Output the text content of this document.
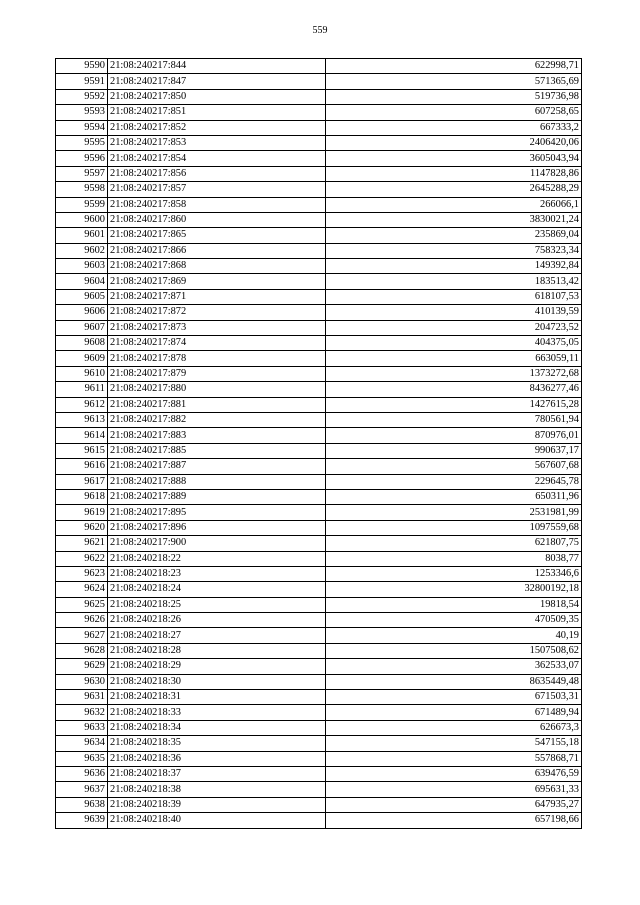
559
9590	21:08:240217:844	622998,71
9591	21:08:240217:847	571365,69
9592	21:08:240217:850	519736,98
9593	21:08:240217:851	607258,65
9594	21:08:240217:852	667333,2
9595	21:08:240217:853	2406420,06
9596	21:08:240217:854	3605043,94
9597	21:08:240217:856	1147828,86
9598	21:08:240217:857	2645288,29
9599	21:08:240217:858	266066,1
9600	21:08:240217:860	3830021,24
9601	21:08:240217:865	235869,04
9602	21:08:240217:866	758323,34
9603	21:08:240217:868	149392,84
9604	21:08:240217:869	183513,42
9605	21:08:240217:871	618107,53
9606	21:08:240217:872	410139,59
9607	21:08:240217:873	204723,52
9608	21:08:240217:874	404375,05
9609	21:08:240217:878	663059,11
9610	21:08:240217:879	1373272,68
9611	21:08:240217:880	8436277,46
9612	21:08:240217:881	1427615,28
9613	21:08:240217:882	780561,94
9614	21:08:240217:883	870976,01
9615	21:08:240217:885	990637,17
9616	21:08:240217:887	567607,68
9617	21:08:240217:888	229645,78
9618	21:08:240217:889	650311,96
9619	21:08:240217:895	2531981,99
9620	21:08:240217:896	1097559,68
9621	21:08:240217:900	621807,75
9622	21:08:240218:22	8038,77
9623	21:08:240218:23	1253346,6
9624	21:08:240218:24	32800192,18
9625	21:08:240218:25	19818,54
9626	21:08:240218:26	470509,35
9627	21:08:240218:27	40,19
9628	21:08:240218:28	1507508,62
9629	21:08:240218:29	362533,07
9630	21:08:240218:30	8635449,48
9631	21:08:240218:31	671503,31
9632	21:08:240218:33	671489,94
9633	21:08:240218:34	626673,3
9634	21:08:240218:35	547155,18
9635	21:08:240218:36	557868,71
9636	21:08:240218:37	639476,59
9637	21:08:240218:38	695631,33
9638	21:08:240218:39	647935,27
9639	21:08:240218:40	657198,66
